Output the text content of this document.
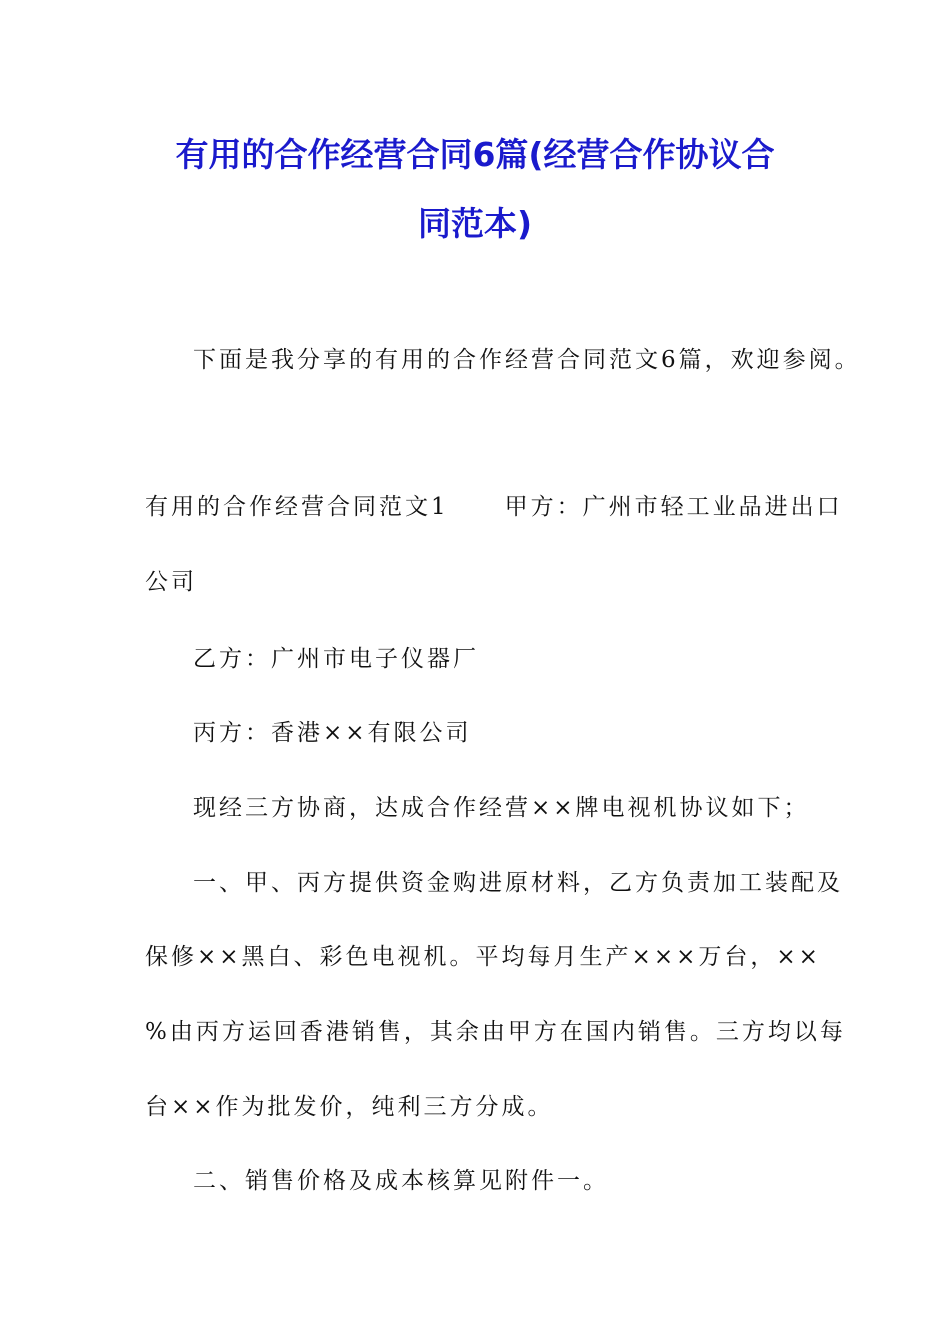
有用的合作经营合同6篇(经营合作协议合
同范本)

下面是我分享的有用的合作经营合同范文6篇，欢迎参阅。

有用的合作经营合同范文1 甲方：广州市轻工业品进出口

公司

乙方：广州市电子仪器厂

丙方：香港××有限公司

现经三方协商，达成合作经营××牌电视机协议如下；

一、甲、丙方提供资金购进原材料，乙方负责加工装配及

保修××黑白、彩色电视机。平均每月生产×××万台，××

%由丙方运回香港销售，其余由甲方在国内销售。三方均以每

台××作为批发价，纯利三方分成。

二、销售价格及成本核算见附件一。
